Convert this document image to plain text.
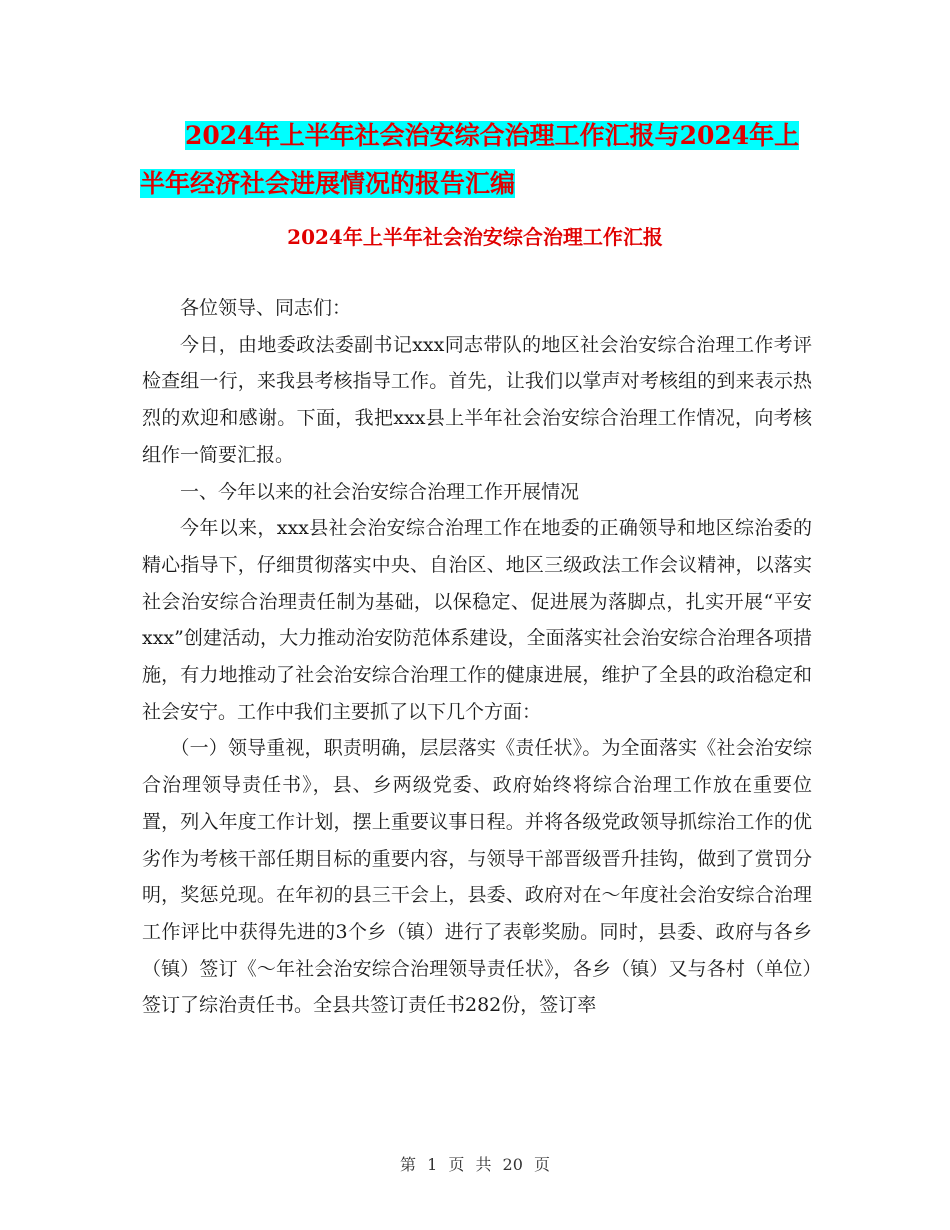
2024年上半年社会治安综合治理工作汇报与2024年上
半年经济社会进展情况的报告汇编
2024年上半年社会治安综合治理工作汇报

各位领导、同志们：

今日，由地委政法委副书记xxx同志带队的地区社会治安综合治理工作考评检查组一行，来我县考核指导工作。首先，让我们以掌声对考核组的到来表示热烈的欢迎和感谢。下面，我把xxx县上半年社会治安综合治理工作情况，向考核组作一简要汇报。

一、今年以来的社会治安综合治理工作开展情况

今年以来，xxx县社会治安综合治理工作在地委的正确领导和地区综治委的精心指导下，仔细贯彻落实中央、自治区、地区三级政法工作会议精神，以落实社会治安综合治理责任制为基础，以保稳定、促进展为落脚点，扎实开展“平安xxx”创建活动，大力推动治安防范体系建设，全面落实社会治安综合治理各项措施，有力地推动了社会治安综合治理工作的健康进展，维护了全县的政治稳定和社会安宁。工作中我们主要抓了以下几个方面：

（一）领导重视，职责明确，层层落实《责任状》。为全面落实《社会治安综合治理领导责任书》，县、乡两级党委、政府始终将综合治理工作放在重要位置，列入年度工作计划，摆上重要议事日程。并将各级党政领导抓综治工作的优劣作为考核干部任期目标的重要内容，与领导干部晋级晋升挂钩，做到了赏罚分明，奖惩兑现。在年初的县三干会上，县委、政府对在～年度社会治安综合治理工作评比中获得先进的3个乡（镇）进行了表彰奖励。同时，县委、政府与各乡（镇）签订《～年社会治安综合治理领导责任状》，各乡（镇）又与各村（单位）签订了综治责任书。全县共签订责任书282份，签订率

第 1 页 共 20 页
